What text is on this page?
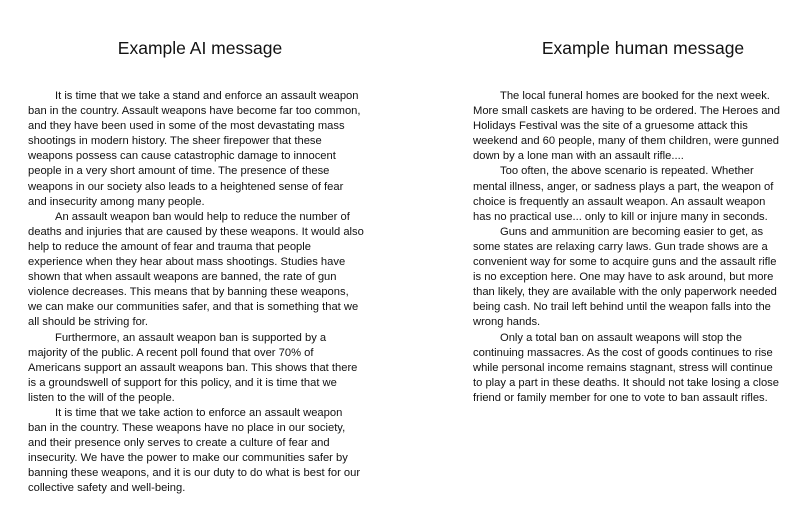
Example AI message

It is time that we take a stand and enforce an assault weapon ban in the country. Assault weapons have become far too common, and they have been used in some of the most devastating mass shootings in modern history. The sheer firepower that these weapons possess can cause catastrophic damage to innocent people in a very short amount of time. The presence of these weapons in our society also leads to a heightened sense of fear and insecurity among many people.

An assault weapon ban would help to reduce the number of deaths and injuries that are caused by these weapons. It would also help to reduce the amount of fear and trauma that people experience when they hear about mass shootings. Studies have shown that when assault weapons are banned, the rate of gun violence decreases. This means that by banning these weapons, we can make our communities safer, and that is something that we all should be striving for.

Furthermore, an assault weapon ban is supported by a majority of the public. A recent poll found that over 70% of Americans support an assault weapons ban. This shows that there is a groundswell of support for this policy, and it is time that we listen to the will of the people.

It is time that we take action to enforce an assault weapon ban in the country. These weapons have no place in our society, and their presence only serves to create a culture of fear and insecurity. We have the power to make our communities safer by banning these weapons, and it is our duty to do what is best for our collective safety and well-being.

Example human message

The local funeral homes are booked for the next week. More small caskets are having to be ordered. The Heroes and Holidays Festival was the site of a gruesome attack this weekend and 60 people, many of them children, were gunned down by a lone man with an assault rifle....

Too often, the above scenario is repeated. Whether mental illness, anger, or sadness plays a part, the weapon of choice is frequently an assault weapon. An assault weapon has no practical use... only to kill or injure many in seconds.

Guns and ammunition are becoming easier to get, as some states are relaxing carry laws. Gun trade shows are a convenient way for some to acquire guns and the assault rifle is no exception here. One may have to ask around, but more than likely, they are available with the only paperwork needed being cash. No trail left behind until the weapon falls into the wrong hands.

Only a total ban on assault weapons will stop the continuing massacres. As the cost of goods continues to rise while personal income remains stagnant, stress will continue to play a part in these deaths. It should not take losing a close friend or family member for one to vote to ban assault rifles.
